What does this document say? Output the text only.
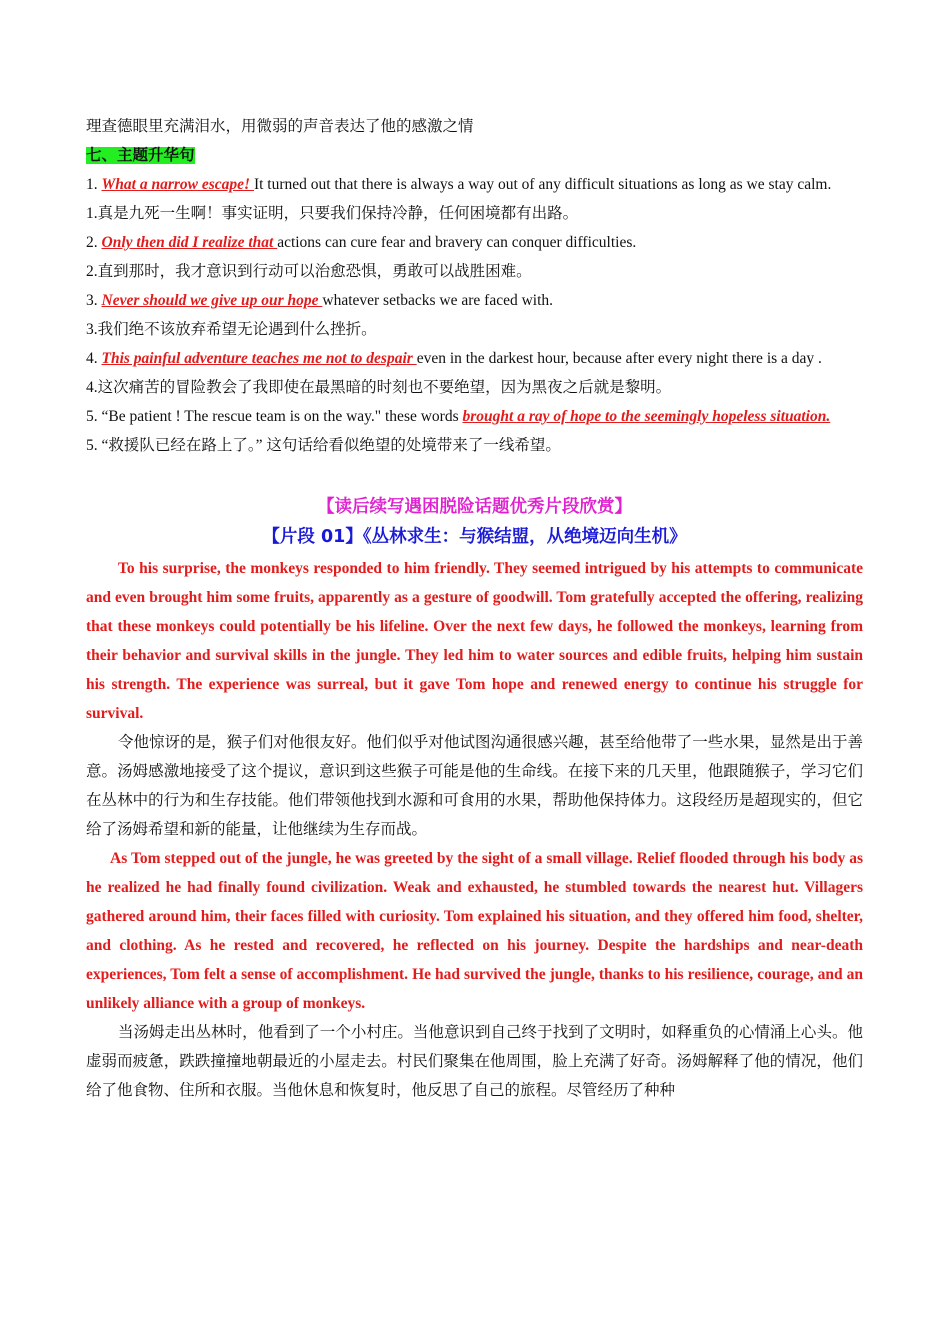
理查德眼里充满泪水，用微弱的声音表达了他的感激之情

七、主题升华句

1. What a narrow escape! It turned out that there is always a way out of any difficult situations as long as we stay calm.

1.真是九死一生啊！事实证明，只要我们保持冷静，任何困境都有出路。

2. Only then did I realize that actions can cure fear and bravery can conquer difficulties.

2.直到那时，我才意识到行动可以治愈恐惧，勇敢可以战胜困难。

3. Never should we give up our hope whatever setbacks we are faced with.

3.我们绝不该放弃希望无论遇到什么挫折。

4. This painful adventure teaches me not to despair even in the darkest hour, because after every night there is a day .

4.这次痛苦的冒险教会了我即使在最黑暗的时刻也不要绝望，因为黑夜之后就是黎明。

5. “Be patient ! The rescue team is on the way." these words brought a ray of hope to the seemingly hopeless situation.

5. “救援队已经在路上了。” 这句话给看似绝望的处境带来了一线希望。

【读后续写遇困脱险话题优秀片段欣赏】
【片段 01】《丛林求生：与猴结盟，从绝境迈向生机》

To his surprise, the monkeys responded to him friendly. They seemed intrigued by his attempts to communicate and even brought him some fruits, apparently as a gesture of goodwill. Tom gratefully accepted the offering, realizing that these monkeys could potentially be his lifeline. Over the next few days, he followed the monkeys, learning from their behavior and survival skills in the jungle. They led him to water sources and edible fruits, helping him sustain his strength. The experience was surreal, but it gave Tom hope and renewed energy to continue his struggle for survival.

令他惊讶的是，猴子们对他很友好。他们似乎对他试图沟通很感兴趣，甚至给他带了一些水果，显然是出于善意。汤姆感激地接受了这个提议，意识到这些猴子可能是他的生命线。在接下来的几天里，他跟随猴子，学习它们在丛林中的行为和生存技能。他们带领他找到水源和可食用的水果，帮助他保持体力。这段经历是超现实的，但它给了汤姆希望和新的能量，让他继续为生存而战。

As Tom stepped out of the jungle, he was greeted by the sight of a small village. Relief flooded through his body as he realized he had finally found civilization. Weak and exhausted, he stumbled towards the nearest hut. Villagers gathered around him, their faces filled with curiosity. Tom explained his situation, and they offered him food, shelter, and clothing. As he rested and recovered, he reflected on his journey. Despite the hardships and near-death experiences, Tom felt a sense of accomplishment. He had survived the jungle, thanks to his resilience, courage, and an unlikely alliance with a group of monkeys.

当汤姆走出丛林时，他看到了一个小村庄。当他意识到自己终于找到了文明时，如释重负的心情涌上心头。他虚弱而疲惫，跌跌撞撞地朝最近的小屋走去。村民们聚集在他周围，脸上充满了好奇。汤姆解释了他的情况，他们给了他食物、住所和衣服。当他休息和恢复时，他反思了自己的旅程。尽管经历了种种
